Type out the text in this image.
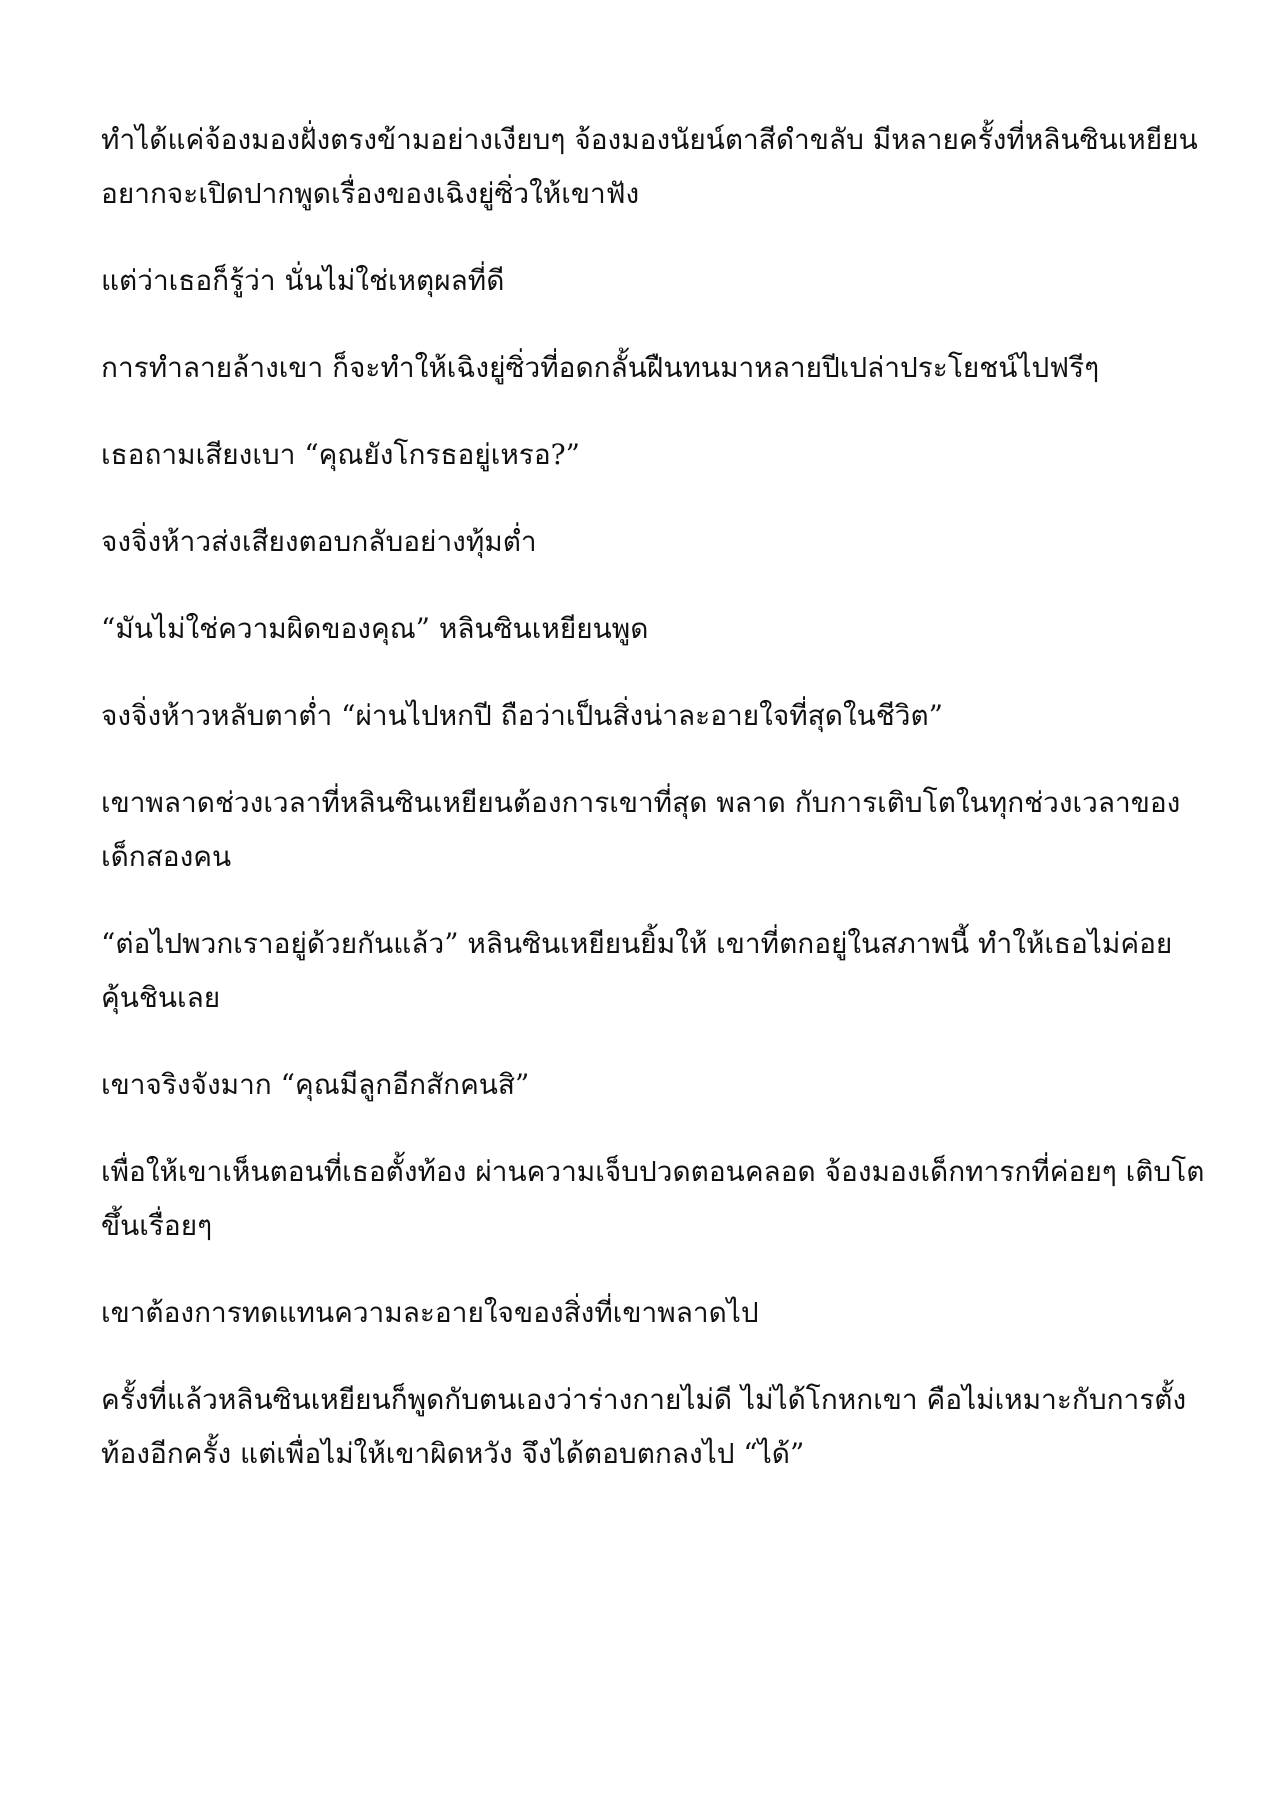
ทำได้แค่จ้องมองฝั่งตรงข้ามอย่างเงียบๆ จ้องมองนัยน์ตาสีดำขลับ มีหลายครั้งที่หลินซินเหยียน
อยากจะเปิดปากพูดเรื่องของเฉิงยู่ซิ่วให้เขาฟัง

แต่ว่าเธอก็รู้ว่า นั่นไม่ใช่เหตุผลที่ดี

การทำลายล้างเขา ก็จะทำให้เฉิงยู่ซิ่วที่อดกลั้นฝืนทนมาหลายปีเปล่าประโยชน์ไปฟรีๆ

เธอถามเสียงเบา “คุณยังโกรธอยู่เหรอ?”

จงจิ่งห้าวส่งเสียงตอบกลับอย่างทุ้มต่ำ

“มันไม่ใช่ความผิดของคุณ” หลินซินเหยียนพูด

จงจิ่งห้าวหลับตาต่ำ “ผ่านไปหกปี ถือว่าเป็นสิ่งน่าละอายใจที่สุดในชีวิต”

เขาพลาดช่วงเวลาที่หลินซินเหยียนต้องการเขาที่สุด พลาด กับการเติบโตในทุกช่วงเวลาของ
เด็กสองคน

“ต่อไปพวกเราอยู่ด้วยกันแล้ว” หลินซินเหยียนยิ้มให้ เขาที่ตกอยู่ในสภาพนี้ ทำให้เธอไม่ค่อย
คุ้นชินเลย

เขาจริงจังมาก “คุณมีลูกอีกสักคนสิ”

เพื่อให้เขาเห็นตอนที่เธอตั้งท้อง ผ่านความเจ็บปวดตอนคลอด จ้องมองเด็กทารกที่ค่อยๆ เติบโต
ขึ้นเรื่อยๆ

เขาต้องการทดแทนความละอายใจของสิ่งที่เขาพลาดไป

ครั้งที่แล้วหลินซินเหยียนก็พูดกับตนเองว่าร่างกายไม่ดี ไม่ได้โกหกเขา คือไม่เหมาะกับการตั้ง
ท้องอีกครั้ง แต่เพื่อไม่ให้เขาผิดหวัง จึงได้ตอบตกลงไป “ได้”
